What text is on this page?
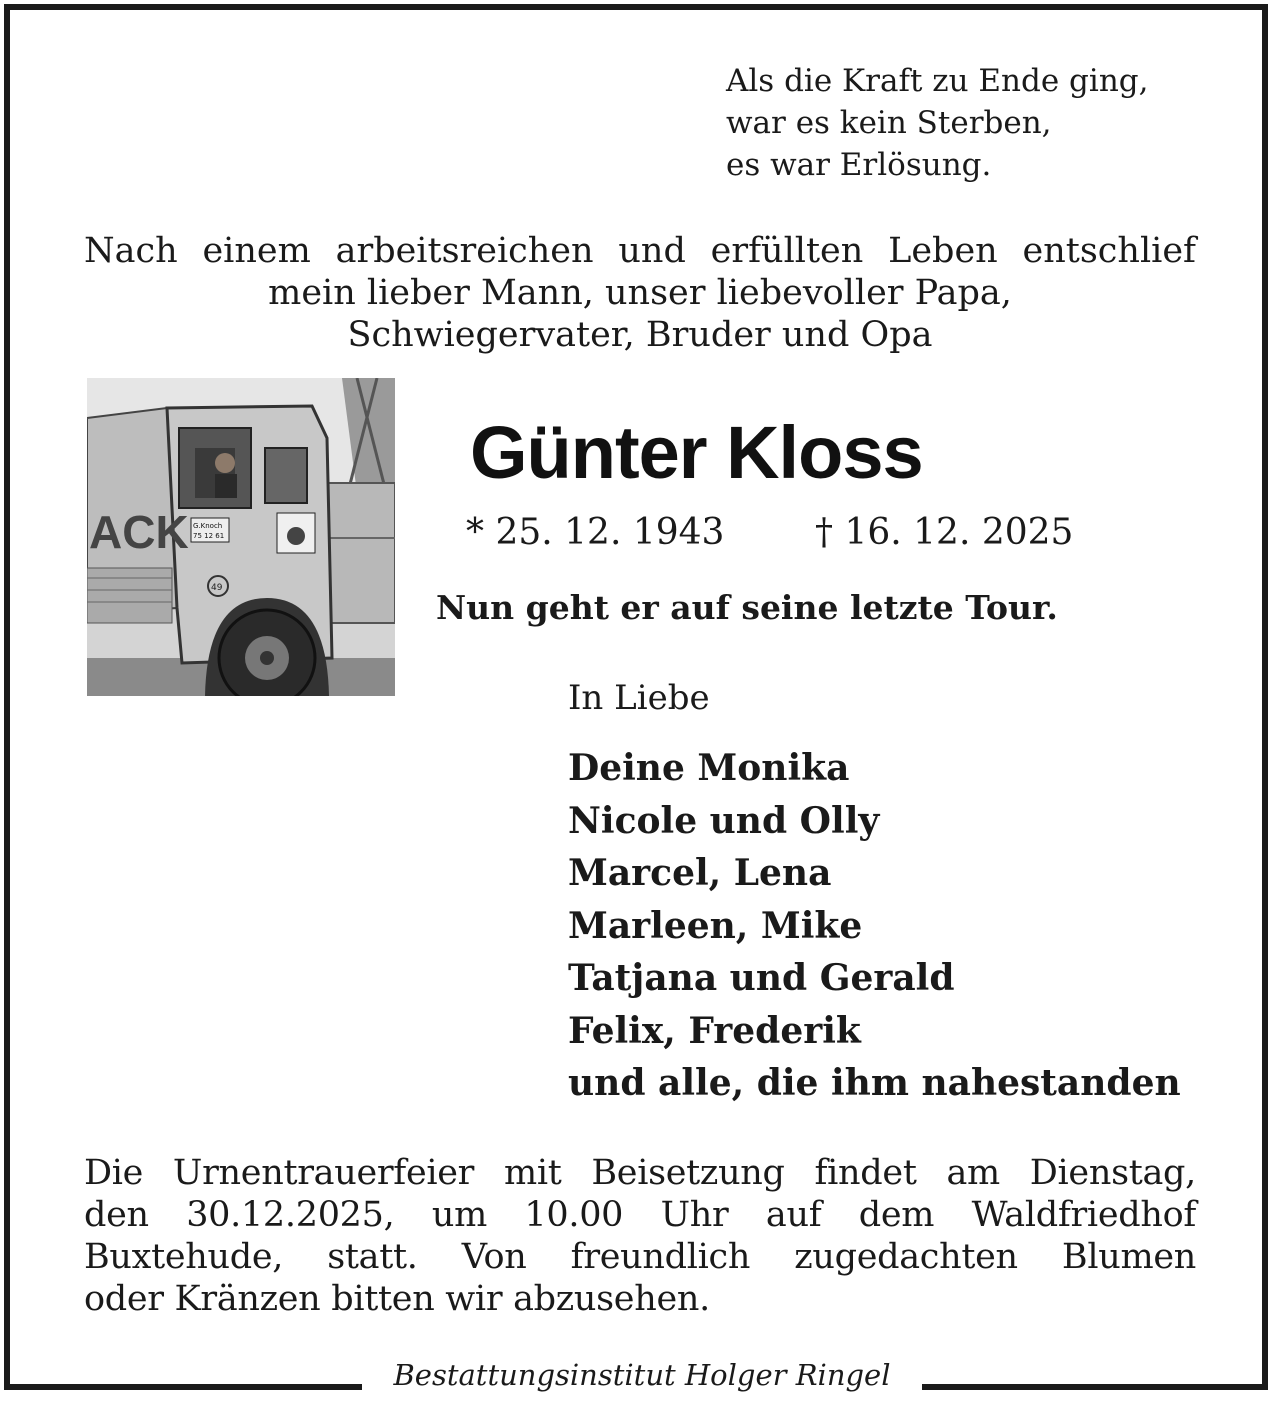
Als die Kraft zu Ende ging,
war es kein Sterben,
es war Erlösung.
Nach einem arbeitsreichen und erfüllten Leben entschlief
mein lieber Mann, unser liebevoller Papa,
Schwiegervater, Bruder und Opa
G.Knoch
75 12 61
ACK
49
Günter Kloss
* 25. 12. 1943	† 16. 12. 2025
Nun geht er auf seine letzte Tour.
In Liebe
Deine Monika
Nicole und Olly
Marcel, Lena
Marleen, Mike
Tatjana und Gerald
Felix, Frederik
und alle, die ihm nahestanden
Die Urnentrauerfeier mit Beisetzung findet am Dienstag,
den 30.12.2025, um 10.00 Uhr auf dem Waldfriedhof
Buxtehude, statt. Von freundlich zugedachten Blumen
oder Kränzen bitten wir abzusehen.
Bestattungsinstitut Holger Ringel
